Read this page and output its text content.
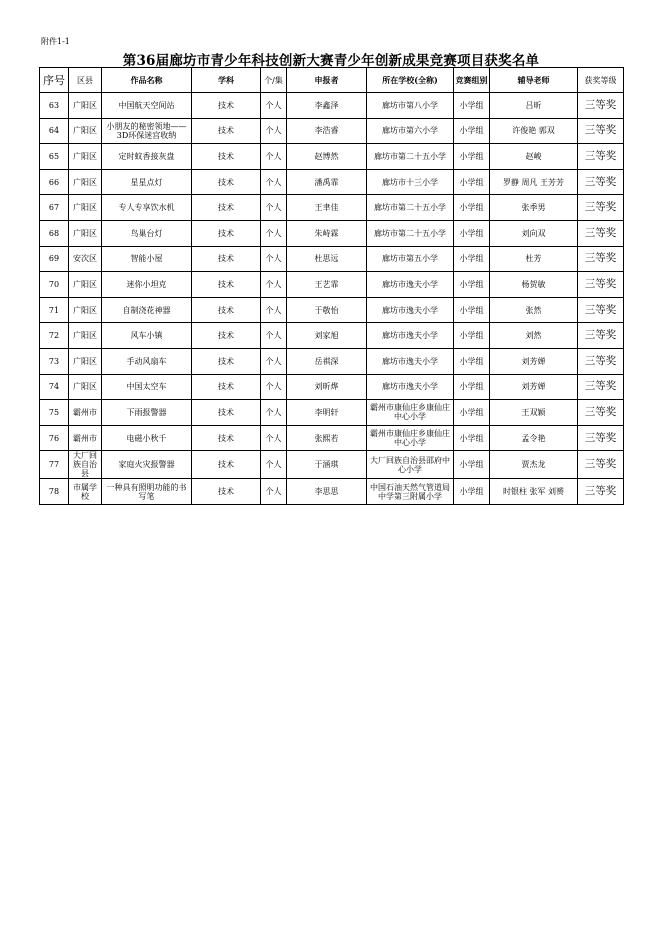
附件1-1
第36届廊坊市青少年科技创新大赛青少年创新成果竞赛项目获奖名单
序号	区县	作品名称	学科	个/集	申报者	所在学校(全称)	竞赛组别	辅导老师	获奖等级
63	广阳区	中国航天空间站	技术	个人	李鑫泽	廊坊市第八小学	小学组	吕昕	三等奖
64	广阳区	小朋友的秘密领地——3D环保迷宫收纳	技术	个人	李浩睿	廊坊市第六小学	小学组	许俊艳 郭双	三等奖
65	广阳区	定时蚊香接灰盘	技术	个人	赵博然	廊坊市第二十五小学	小学组	赵峻	三等奖
66	广阳区	星星点灯	技术	个人	潘禹霏	廊坊市十三小学	小学组	罗静 周凡 王芳芳	三等奖
67	广阳区	专人专享饮水机	技术	个人	王聿佳	廊坊市第二十五小学	小学组	张季男	三等奖
68	广阳区	鸟巢台灯	技术	个人	朱峙霖	廊坊市第二十五小学	小学组	刘向双	三等奖
69	安次区	智能小屋	技术	个人	杜思远	廊坊市第五小学	小学组	杜芳	三等奖
70	广阳区	迷你小坦克	技术	个人	王艺霏	廊坊市逸夫小学	小学组	杨贺敏	三等奖
71	广阳区	自制浇花神器	技术	个人	于敬怡	廊坊市逸夫小学	小学组	张然	三等奖
72	广阳区	风车小镇	技术	个人	刘家旭	廊坊市逸夫小学	小学组	刘然	三等奖
73	广阳区	手动风扇车	技术	个人	岳祺深	廊坊市逸夫小学	小学组	刘芳婵	三等奖
74	广阳区	中国太空车	技术	个人	刘昕烨	廊坊市逸夫小学	小学组	刘芳婵	三等奖
75	霸州市	下雨报警器	技术	个人	李明轩	霸州市康仙庄乡康仙庄中心小学	小学组	王双颖	三等奖
76	霸州市	电磁小秋千	技术	个人	张熙若	霸州市康仙庄乡康仙庄中心小学	小学组	孟令艳	三等奖
77	大厂回族自治县	家庭火灾报警器	技术	个人	于涵琪	大厂回族自治县邵府中心小学	小学组	贾杰龙	三等奖
78	市属学校	一种具有照明功能的书写笔	技术	个人	李思思	中国石油天然气管道局中学第三附属小学	小学组	时银柱 张军 刘赟	三等奖
